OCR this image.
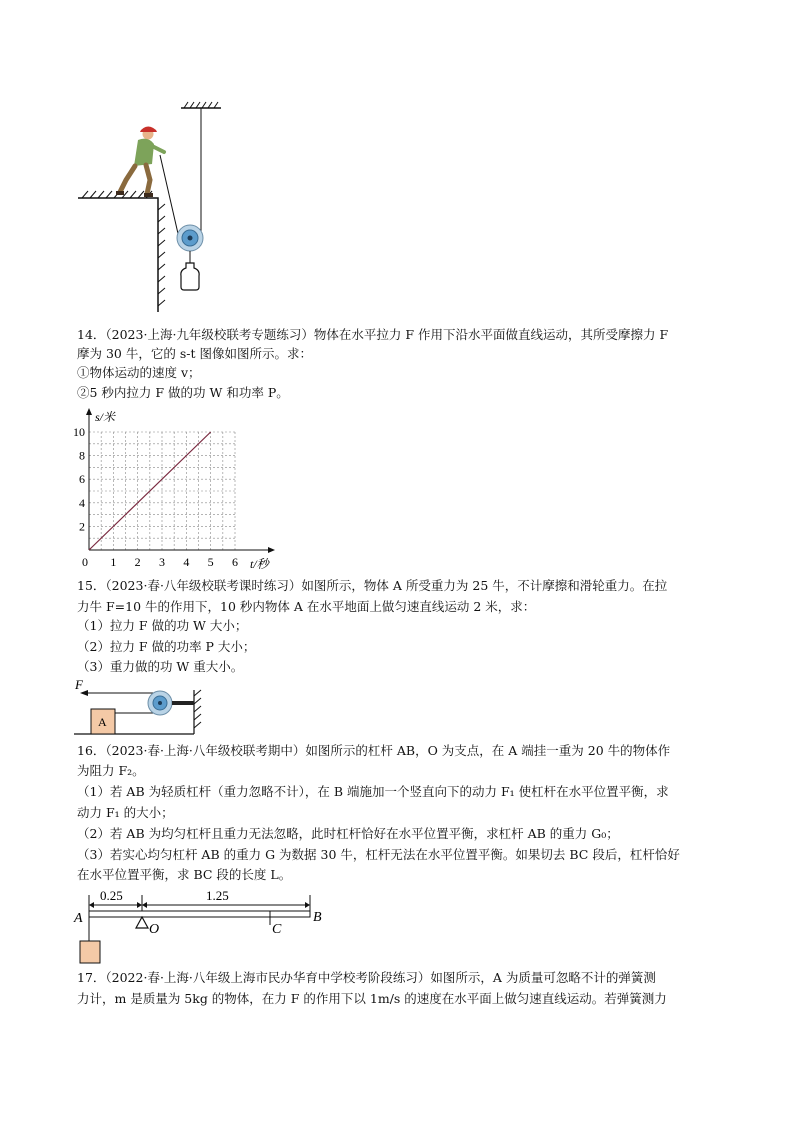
14．（2023·上海·九年级校联考专题练习）物体在水平拉力 F 作用下沿水平面做直线运动，其所受摩擦力 F
摩为 30 牛，它的 s-t 图像如图所示。求：
①物体运动的速度 v；
②5 秒内拉力 F 做的功 W 和功率 P。
s/米
t/秒
10
8
6
4
2
0 1 2 3 4 5 6
15．（2023·春·八年级校联考课时练习）如图所示，物体 A 所受重力为 25 牛，不计摩擦和滑轮重力。在拉
力牛 F=10 牛的作用下，10 秒内物体 A 在水平地面上做匀速直线运动 2 米，求：
（1）拉力 F 做的功 W 大小；
（2）拉力 F 做的功率 P 大小；
（3）重力做的功 W 重大小。
F
A
16．（2023·春·上海·八年级校联考期中）如图所示的杠杆 AB，O 为支点，在 A 端挂一重为 20 牛的物体作
为阻力 F₂。
（1）若 AB 为轻质杠杆（重力忽略不计），在 B 端施加一个竖直向下的动力 F₁ 使杠杆在水平位置平衡，求
动力 F₁ 的大小；
（2）若 AB 为均匀杠杆且重力无法忽略，此时杠杆恰好在水平位置平衡，求杠杆 AB 的重力 G₀；
（3）若实心均匀杠杆 AB 的重力 G 为数据 30 牛，杠杆无法在水平位置平衡。如果切去 BC 段后，杠杆恰好
在水平位置平衡，求 BC 段的长度 L。
0.25	1.25
A
O	C
B
17．（2022·春·上海·八年级上海市民办华育中学校考阶段练习）如图所示，A 为质量可忽略不计的弹簧测
力计，m 是质量为 5kg 的物体，在力 F 的作用下以 1m/s 的速度在水平面上做匀速直线运动。若弹簧测力
